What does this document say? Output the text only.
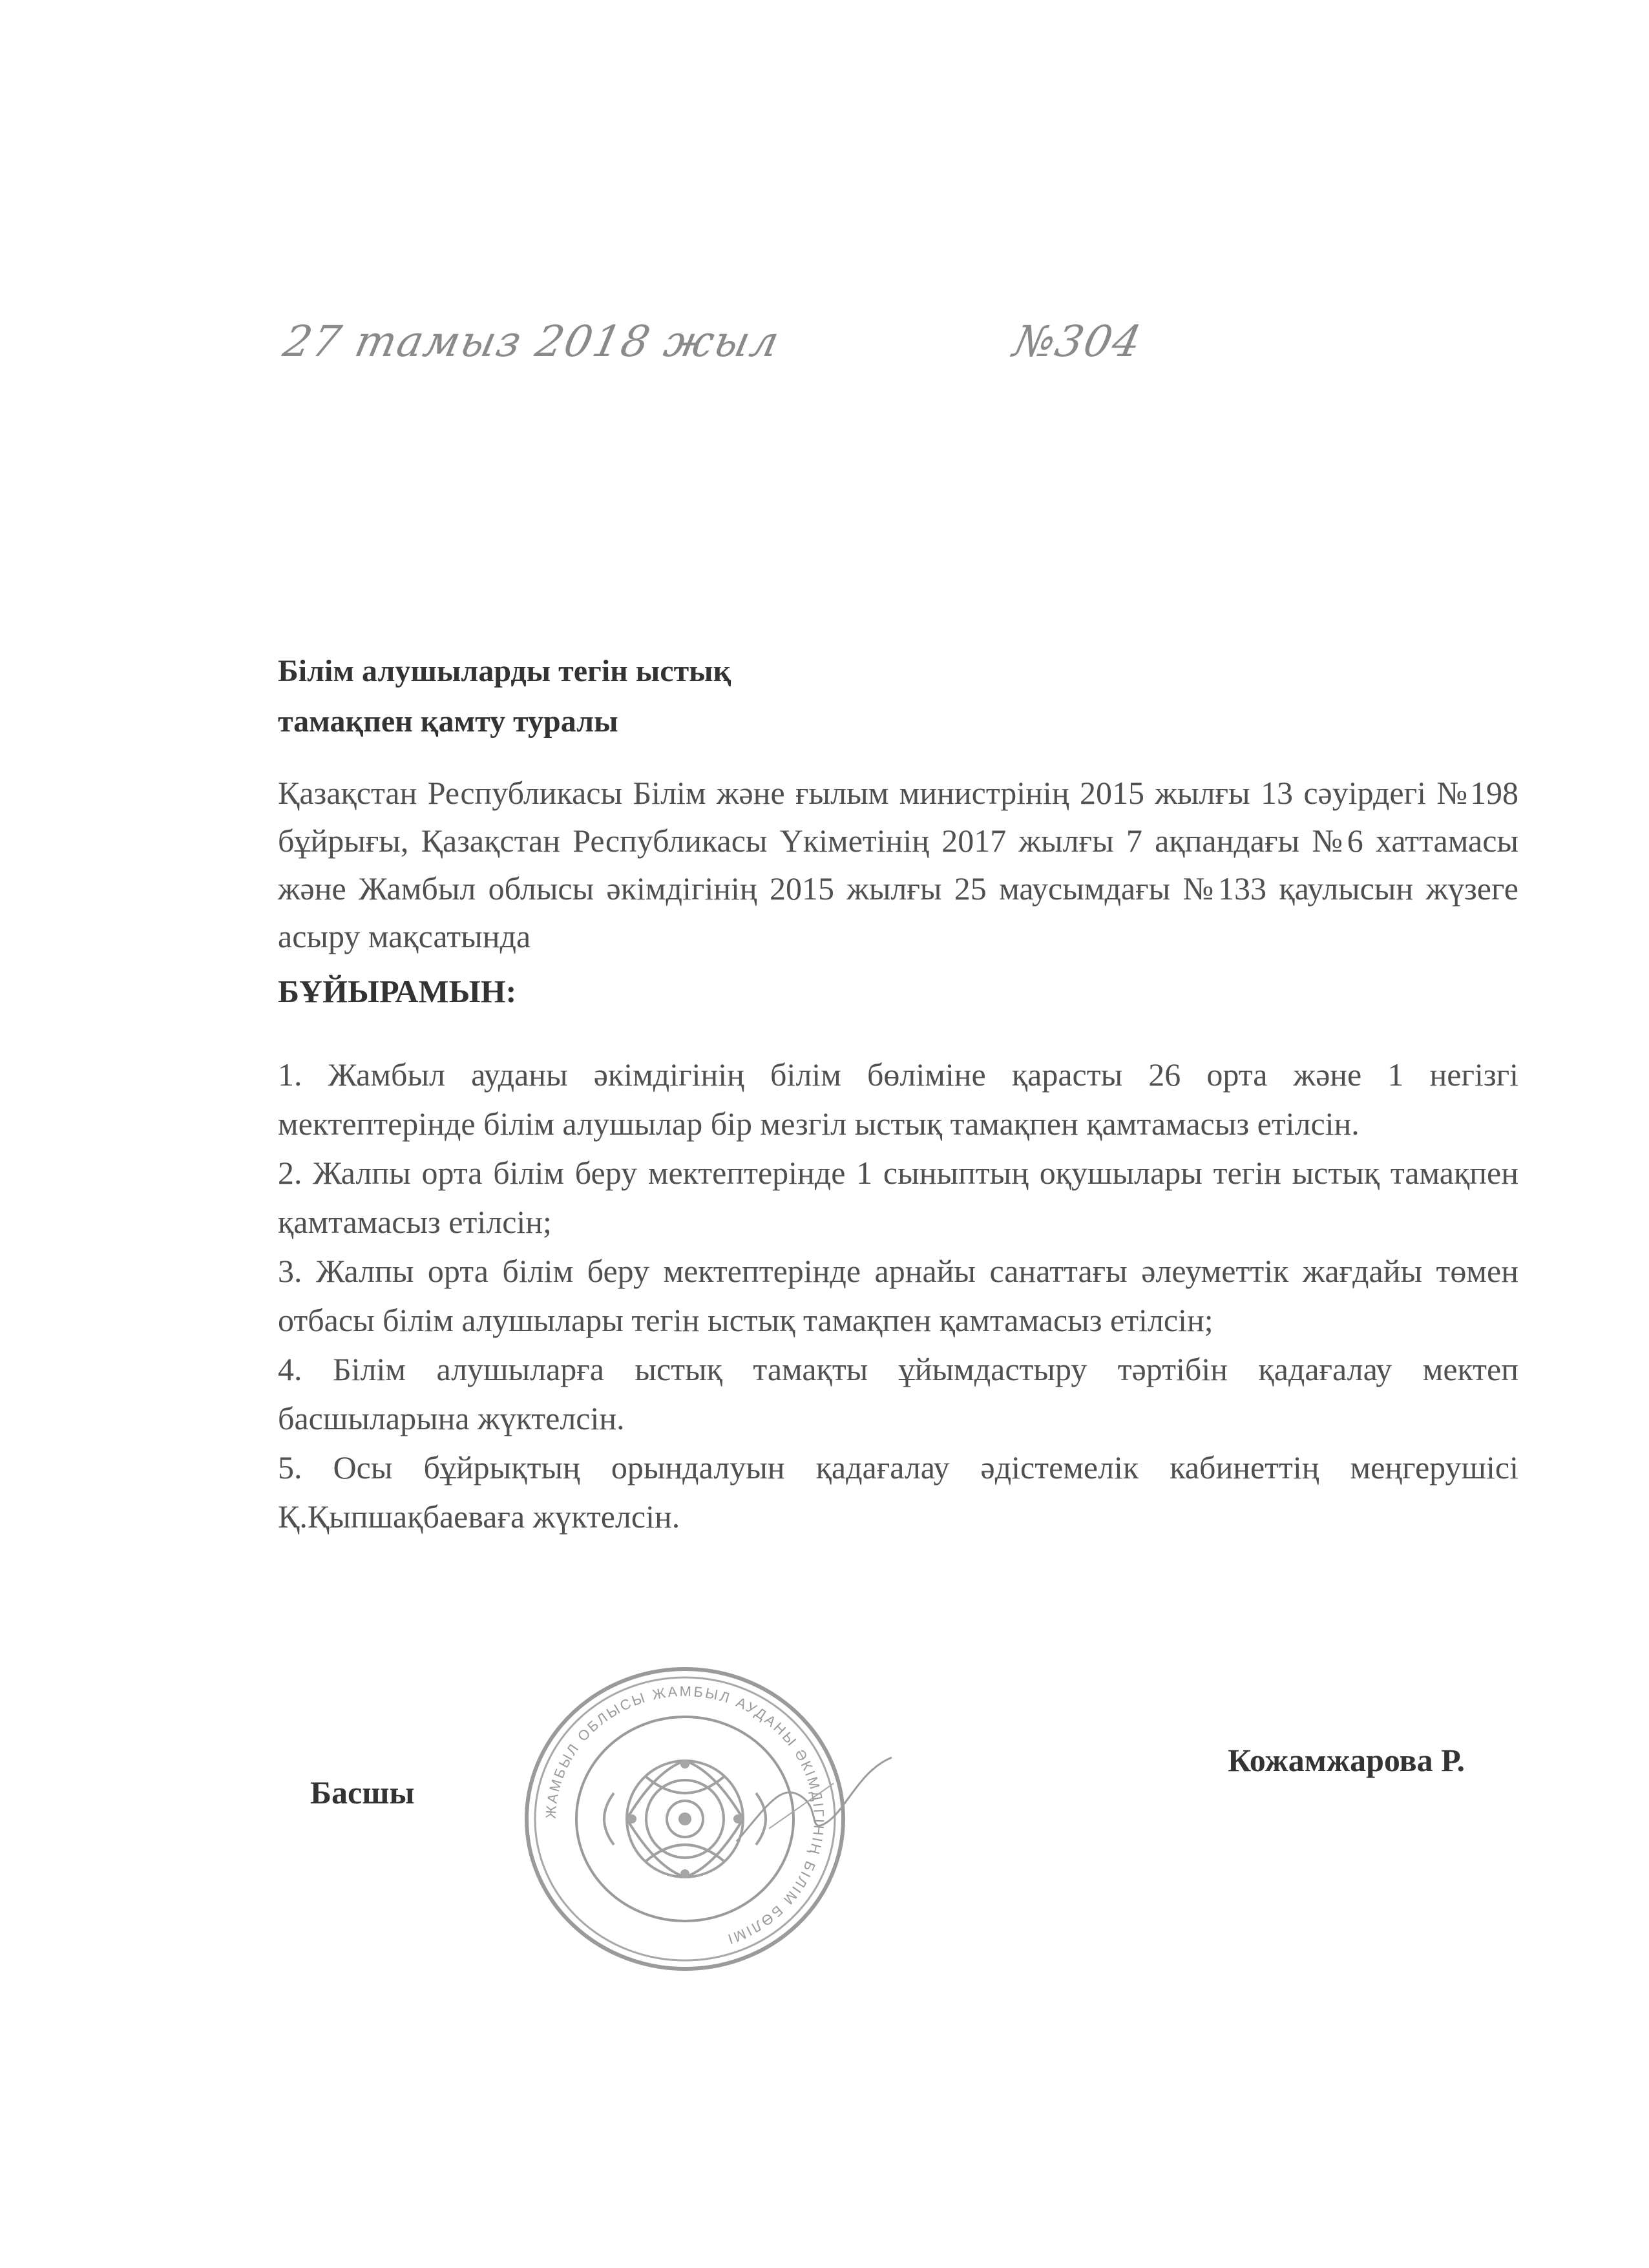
27 тамыз 2018 жыл	№304
Білім алушыларды тегін ыстық
тамақпен қамту туралы
Қазақстан Республикасы Білім және ғылым министрінің 2015 жылғы 13 сәуірдегі №198 бұйрығы, Қазақстан Республикасы Үкіметінің 2017 жылғы 7 ақпандағы №6 хаттамасы және Жамбыл облысы әкімдігінің 2015 жылғы 25 маусымдағы №133 қаулысын жүзеге асыру мақсатында
БҰЙЫРАМЫН:

1. Жамбыл ауданы әкімдігінің білім бөліміне қарасты 26 орта және 1 негізгі мектептерінде білім алушылар бір мезгіл ыстық тамақпен қамтамасыз етілсін.

2. Жалпы орта білім беру мектептерінде 1 сыныптың оқушылары тегін ыстық тамақпен қамтамасыз етілсін;

3. Жалпы орта білім беру мектептерінде арнайы санаттағы әлеуметтік жағдайы төмен отбасы білім алушылары тегін ыстық тамақпен қамтамасыз етілсін;

4. Білім алушыларға ыстық тамақты ұйымдастыру тәртібін қадағалау мектеп басшыларына жүктелсін.

5. Осы бұйрықтың орындалуын қадағалау әдістемелік кабинеттің меңгерушісі Қ.Қыпшақбаеваға жүктелсін.

Басшы
ЖАМБЫЛ ОБЛЫСЫ ЖАМБЫЛ АУДАНЫ ӘКІМДІГІНІҢ БІЛІМ БӨЛІМІ
Кожамжарова Р.
